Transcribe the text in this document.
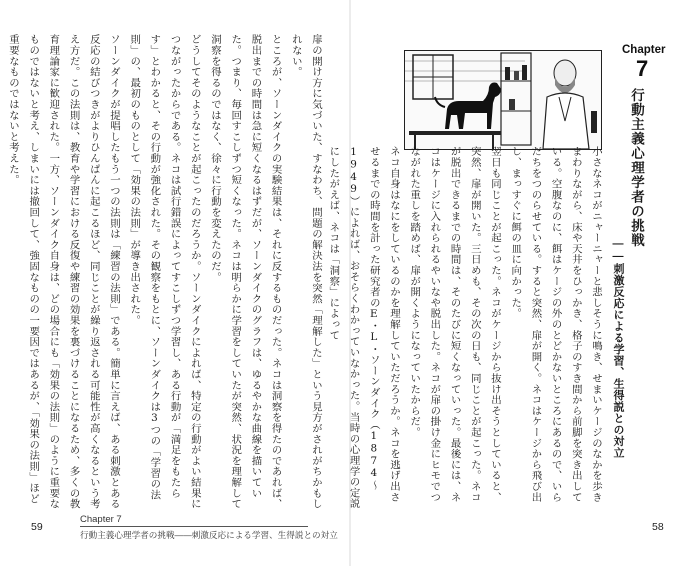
扉の開け方に気づいた、すなわち、問題の解決法を突然「理解した」という見方がされがちかもしれない。
ところが、ソーンダイクの実験結果は、それに反するものだった。ネコは洞察を得たのであれば、脱出までの時間は急に短くなるはずだが、ソーンダイクのグラフは、ゆるやかな曲線を描いていた。つまり、毎回すこしずつ短くなった。ネコは明らかに学習をしていたが突然、状況を理解して洞察を得るのではなく、徐々に行動を変えたのだ。
どうしてそのようなことが起こったのだろうか。ソーンダイクによれば、特定の行動がよい結果につながったからである。ネコは試行錯誤によってすこしずつ学習し、ある行動が「満足をもたらす」とわかると、その行動が強化された。その観察をもとに、ソーンダイクは3つの「学習の法則」の、最初のものとして「効果の法則」が導き出された。
ソーンダイクが提唱したもう一つの法則は「練習の法則」である。簡単に言えば、ある刺激とある反応の結びつきがよりひんぱんに起こるほど、同じことが繰り返される可能性が高くなるという考え方だ。この法則は、教育や学習における反復や練習の効果を裏づけることになるため、多くの教育理論家に歓迎された。一方、ソーンダイク自身は、どの場合にも「効果の法則」のように重要なものではないと考え、しまいには撤回して、強固なものの一要因ではあるが、「効果の法則」ほど重要なものではないと考えた。

59
Chapter 7
行動主義心理学者の挑戦——刺激反応による学習、生得説との対立
Chapter
7
行動主義心理学者の挑戦
——刺激反応による学習、生得説との対立
小さなネコがニャーニャーと悲しそうに鳴き、せまいケージのなかを歩きまわりながら、床や天井をひっかき、格子のすき間から前脚を突き出している。空腹なのに、餌はケージの外のとどかないところにあるので、いらだちをつのらせている。すると突然、扉が開く。ネコはケージから飛び出し、まっすぐに餌の皿に向かった。
翌日も同じことが起こった。ネコがケージから抜け出そうとしていると、突然、扉が開いた。三日めも、その次の日も、同じことが起こった。ネコが脱出できるまでの時間は、そのたびに短くなっていった。最後には、ネコはケージに入れられるやいなや脱出した。ネコが扉の掛け金にヒモでつながれた重しを踏めば、扉が開くようになっていたからだ。
ネコ自身はなにをしているのかを理解していただろうか。ネコを逃げ出させるまでの時間を計った研究者のE・L・ソーンダイク（1874〜1949）によれば、おそらくわかっていなかった。当時の心理学の定説にしたがえば、ネコは「洞察」によって
58
